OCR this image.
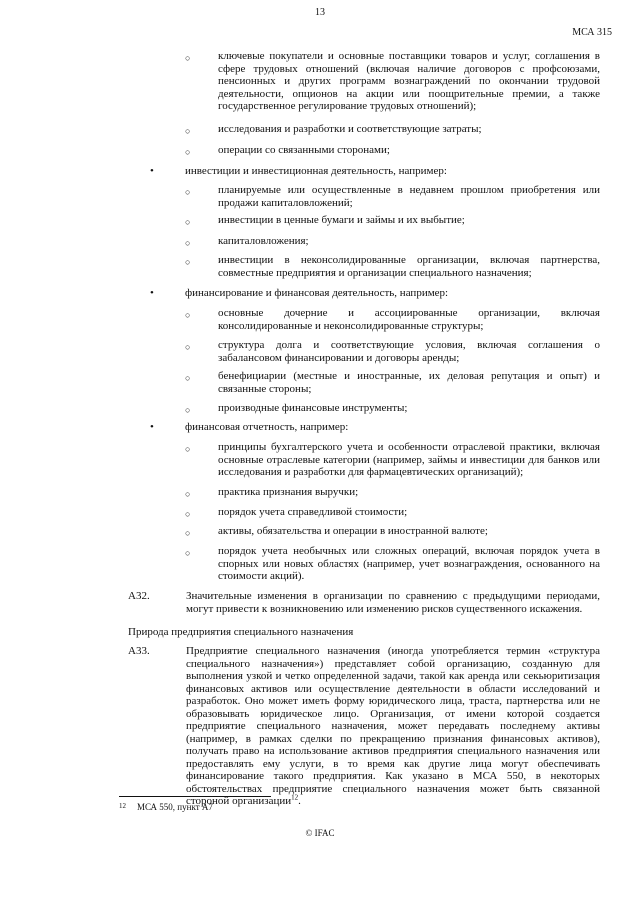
13
МСА 315
○	ключевые покупатели и основные поставщики товаров и услуг, соглашения в сфере трудовых отношений (включая наличие договоров с профсоюзами, пенсионных и других программ вознаграждений по окончании трудовой деятельности, опционов на акции или поощрительные премии, а также государственное регулирование трудовых отношений);
○	исследования и разработки и соответствующие затраты;
○	операции со связанными сторонами;
•	инвестиции и инвестиционная деятельность, например:
○	планируемые или осуществленные в недавнем прошлом приобретения или продажи капиталовложений;
○	инвестиции в ценные бумаги и займы и их выбытие;
○	капиталовложения;
○	инвестиции в неконсолидированные организации, включая партнерства, совместные предприятия и организации специального назначения;
•	финансирование и финансовая деятельность, например:
○	основные дочерние и ассоциированные организации, включая консолидированные и неконсолидированные структуры;
○	структура долга и соответствующие условия, включая соглашения о забалансовом финансировании и договоры аренды;
○	бенефициарии (местные и иностранные, их деловая репутация и опыт) и связанные стороны;
○	производные финансовые инструменты;
•	финансовая отчетность, например:
○	принципы бухгалтерского учета и особенности отраслевой практики, включая основные отраслевые категории (например, займы и инвестиции для банков или исследования и разработки для фармацевтических организаций);
○	практика признания выручки;
○	порядок учета справедливой стоимости;
○	активы, обязательства и операции в иностранной валюте;
○	порядок учета необычных или сложных операций, включая порядок учета в спорных или новых областях (например, учет вознаграждения, основанного на стоимости акций).
A32.	Значительные изменения в организации по сравнению с предыдущими периодами, могут привести к возникновению или изменению рисков существенного искажения.
Природа предприятия специального назначения
A33.	Предприятие специального назначения (иногда употребляется термин «структура специального назначения») представляет собой организацию, созданную для выполнения узкой и четко определенной задачи, такой как аренда или секьюритизация финансовых активов или осуществление деятельности в области исследований и разработок. Оно может иметь форму юридического лица, траста, партнерства или не образовывать юридическое лицо. Организация, от имени которой создается предприятие специального назначения, может передавать последнему активы (например, в рамках сделки по прекращению признания финансовых активов), получать право на использование активов предприятия специального назначения или предоставлять ему услуги, в то время как другие лица могут обеспечивать финансирование такого предприятия. Как указано в МСА 550, в некоторых обстоятельствах предприятие специального назначения может быть связанной стороной организации$^{12}$.
12 МСА 550, пункт A7
© IFAC
